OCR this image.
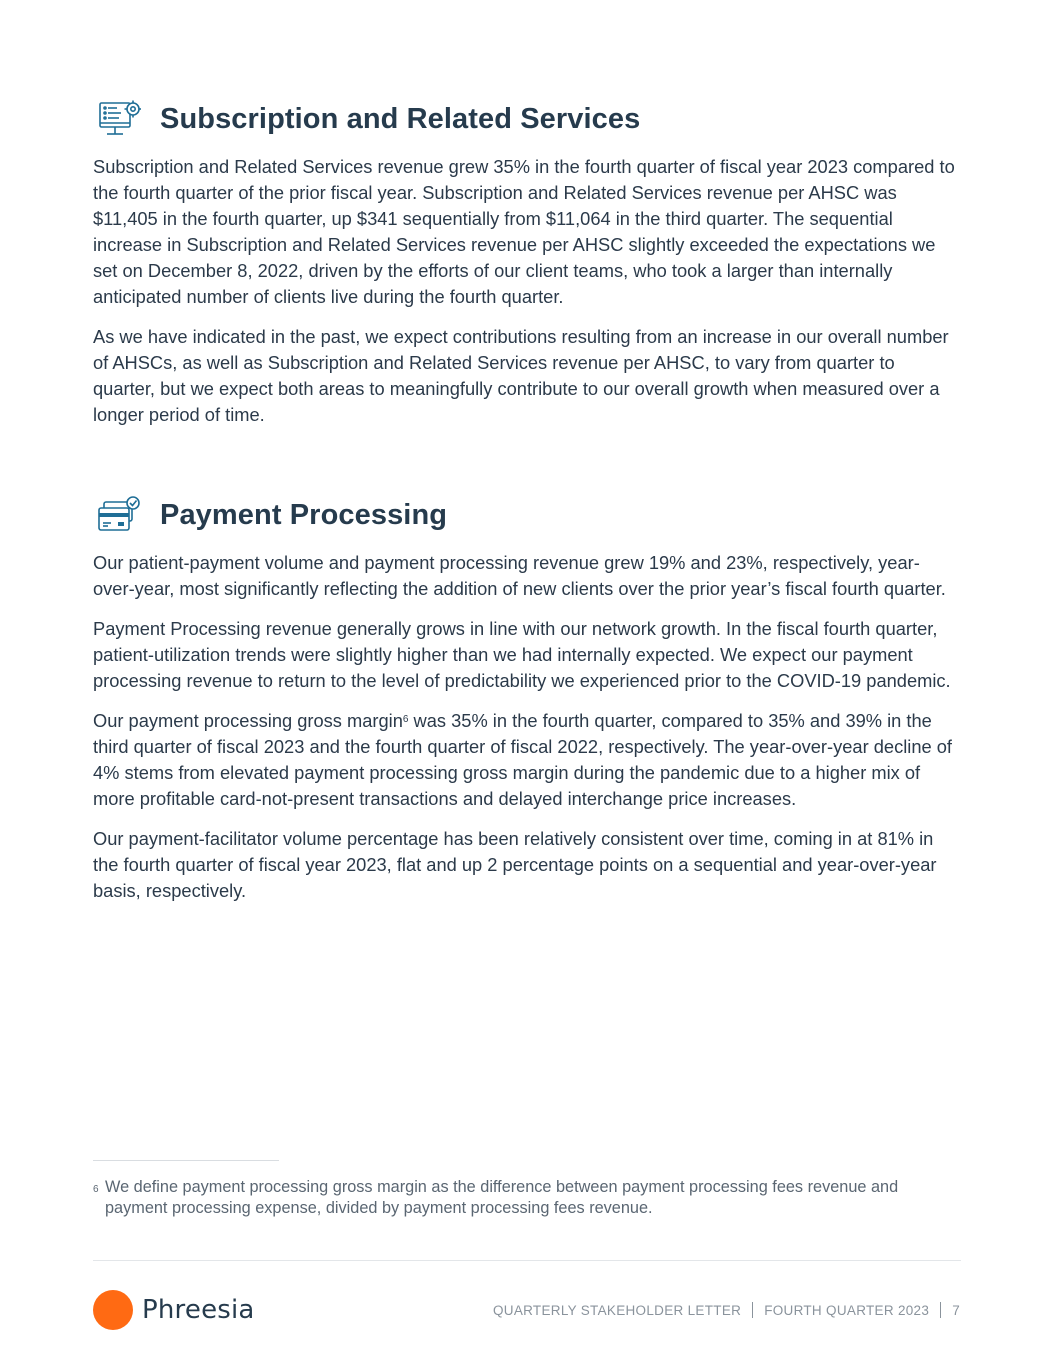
Subscription and Related Services

Subscription and Related Services revenue grew 35% in the fourth quarter of fiscal year 2023 compared to the fourth quarter of the prior fiscal year. Subscription and Related Services revenue per AHSC was $11,405 in the fourth quarter, up $341 sequentially from $11,064 in the third quarter. The sequential increase in Subscription and Related Services revenue per AHSC slightly exceeded the expectations we set on December 8, 2022, driven by the efforts of our client teams, who took a larger than internally anticipated number of clients live during the fourth quarter.

As we have indicated in the past, we expect contributions resulting from an increase in our overall number of AHSCs, as well as Subscription and Related Services revenue per AHSC, to vary from quarter to quarter, but we expect both areas to meaningfully contribute to our overall growth when measured over a longer period of time.

Payment Processing

Our patient-payment volume and payment processing revenue grew 19% and 23%, respectively, year-over-year, most significantly reflecting the addition of new clients over the prior year’s fiscal fourth quarter.

Payment Processing revenue generally grows in line with our network growth. In the fiscal fourth quarter, patient-utilization trends were slightly higher than we had internally expected. We expect our payment processing revenue to return to the level of predictability we experienced prior to the COVID-19 pandemic.

Our payment processing gross margin$^6$ was 35% in the fourth quarter, compared to 35% and 39% in the third quarter of fiscal 2023 and the fourth quarter of fiscal 2022, respectively. The year-over-year decline of 4% stems from elevated payment processing gross margin during the pandemic due to a higher mix of more profitable card-not-present transactions and delayed interchange price increases.

Our payment-facilitator volume percentage has been relatively consistent over time, coming in at 81% in the fourth quarter of fiscal year 2023, flat and up 2 percentage points on a sequential and year-over-year basis, respectively.

6 We define payment processing gross margin as the difference between payment processing fees revenue and payment processing expense, divided by payment processing fees revenue.
Phreesia	QUARTERLY STAKEHOLDER LETTER FOURTH QUARTER 2023 7
